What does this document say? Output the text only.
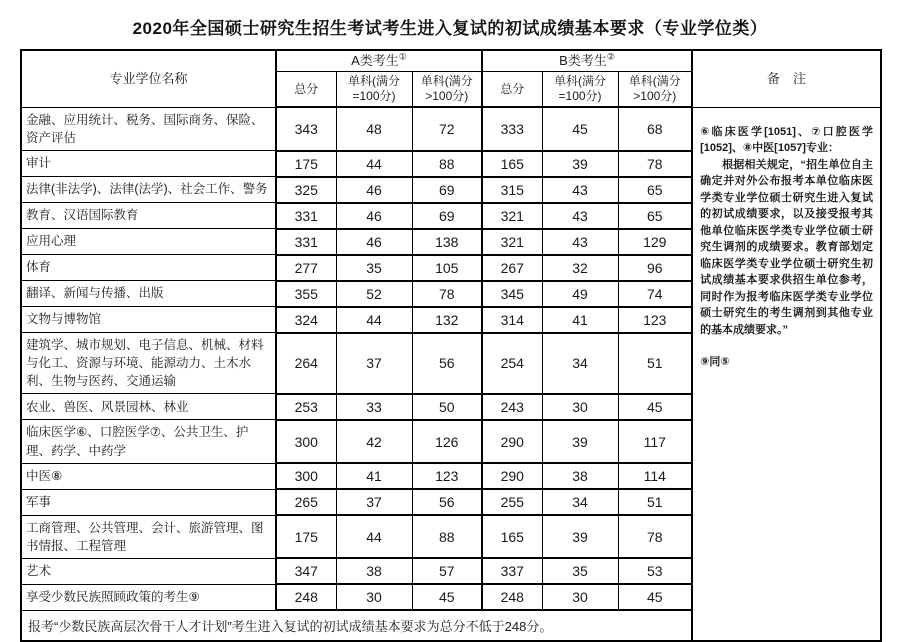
2020年全国硕士研究生招生考试考生进入复试的初试成绩基本要求（专业学位类）
专业学位名称	A类考生①			B类考生②			备　注
	总分	单科(满分=100分)	单科(满分>100分)	总分	单科(满分=100分)	单科(满分>100分)	
金融、应用统计、税务、国际商务、保险、资产评估	343	48	72	333	45	68	⑥临床医学[1051]、⑦口腔医学[1052]、⑧中医[1057]专业：
根据相关规定，“招生单位自主确定并对外公布报考本单位临床医学类专业学位硕士研究生进入复试的初试成绩要求，以及接受报考其他单位临床医学类专业学位硕士研究生调剂的成绩要求。教育部划定临床医学类专业学位硕士研究生初试成绩基本要求供招生单位参考，同时作为报考临床医学类专业学位硕士研究生的考生调剂到其他专业的基本成绩要求。”
⑨同⑤

审计	175	44	88	165	39	78	
法律(非法学)、法律(法学)、社会工作、警务	325	46	69	315	43	65	
教育、汉语国际教育	331	46	69	321	43	65	
应用心理	331	46	138	321	43	129	
体育	277	35	105	267	32	96	
翻译、新闻与传播、出版	355	52	78	345	49	74	
文物与博物馆	324	44	132	314	41	123	
建筑学、城市规划、电子信息、机械、材料与化工、资源与环境、能源动力、土木水利、生物与医药、交通运输	264	37	56	254	34	51	
农业、兽医、风景园林、林业	253	33	50	243	30	45	
临床医学⑥、口腔医学⑦、公共卫生、护理、药学、中药学	300	42	126	290	39	117	
中医⑧	300	41	123	290	38	114	
军事	265	37	56	255	34	51	
工商管理、公共管理、会计、旅游管理、图书情报、工程管理	175	44	88	165	39	78	
艺术	347	38	57	337	35	53	
享受少数民族照顾政策的考生⑨	248	30	45	248	30	45	
报考“少数民族高层次骨干人才计划”考生进入复试的初试成绩基本要求为总分不低于248分。							
